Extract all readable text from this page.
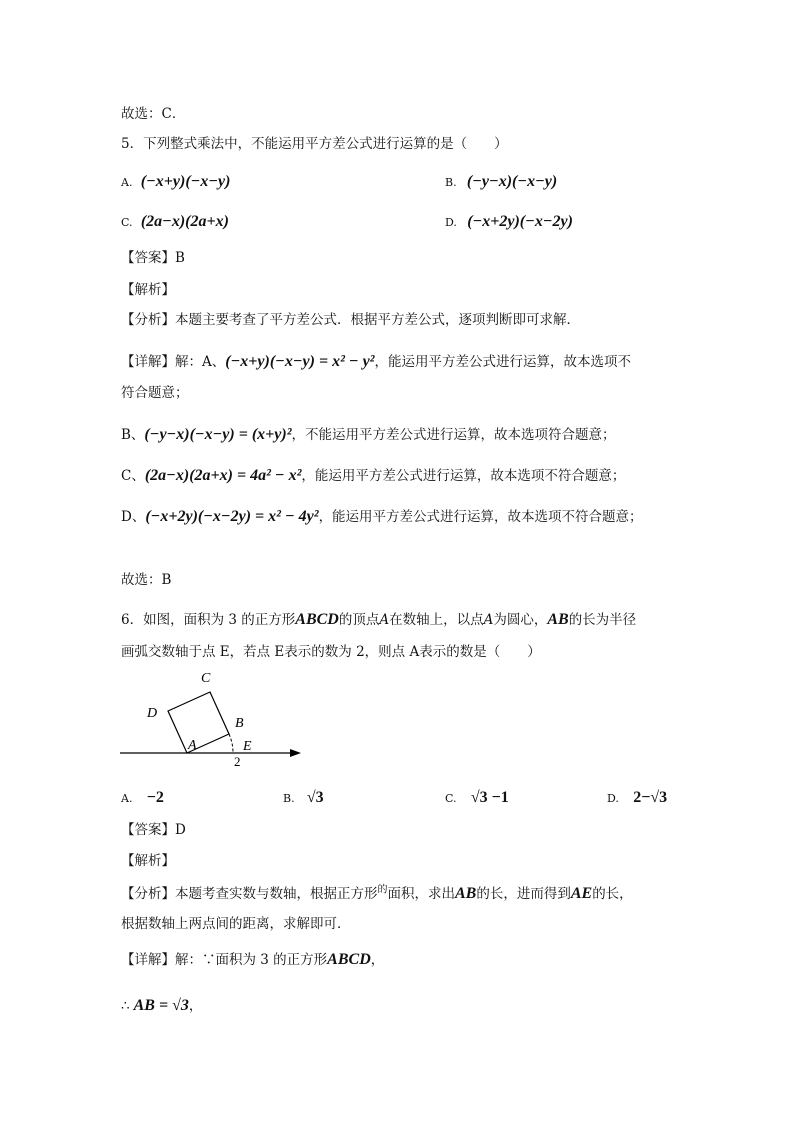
故选：C．
5．下列整式乘法中，不能运用平方差公式进行运算的是（　　）
A. (−x+y)(−x−y)	B. (−y−x)(−x−y)
C. (2a−x)(2a+x)	D. (−x+2y)(−x−2y)
【答案】B
【解析】
【分析】本题主要考查了平方差公式．根据平方差公式，逐项判断即可求解．
【详解】解：A、(−x+y)(−x−y) = x² − y²，能运用平方差公式进行运算，故本选项不
符合题意；
B、(−y−x)(−x−y) = (x+y)²，不能运用平方差公式进行运算，故本选项符合题意；
C、(2a−x)(2a+x) = 4a² − x²，能运用平方差公式进行运算，故本选项不符合题意；
D、(−x+2y)(−x−2y) = x² − 4y²，能运用平方差公式进行运算，故本选项不符合题意；
故选：B
6．如图，面积为 3 的正方形ABCD的顶点A在数轴上，以点A为圆心，AB的长为半径
画弧交数轴于点 E，若点 E表示的数为 2，则点 A表示的数是（　　）
C
D
B
A	E
2
A. −2	B. √3	C. √3 −1	D. 2−√3
【答案】D
【解析】
【分析】本题考查实数与数轴，根据正方形$^的$面积，求出AB的长，进而得到AE的长，
根据数轴上两点间的距离，求解即可．
【详解】解：∵面积为 3 的正方形ABCD，
∴ AB = √3，
